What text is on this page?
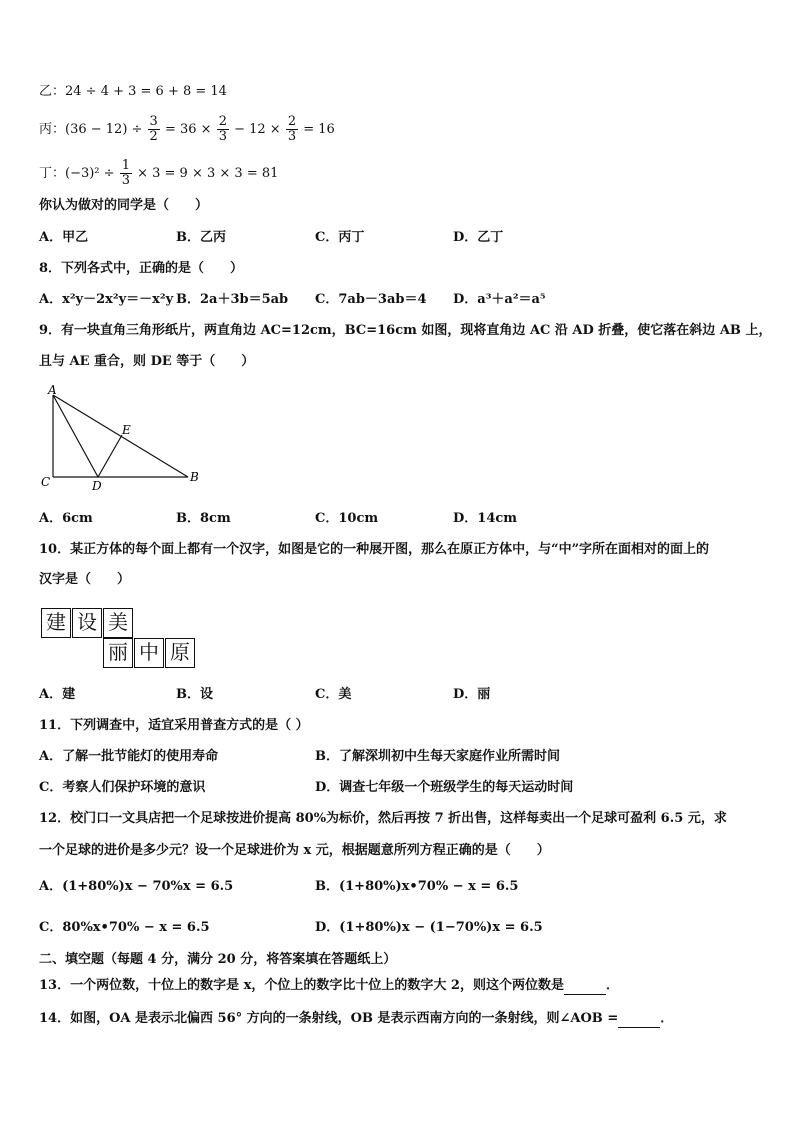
乙：24 ÷ 4 + 3 = 6 + 8 = 14
丙：$(36 - 12) \div \frac{3}{2} = 36 \times \frac{2}{3} - 12 \times \frac{2}{3} = 16$
丁：$(-3)^2 \div \frac{1}{3} \times 3 = 9 \times 3 \times 3 = 81$
你认为做对的同学是（　　）
A．甲乙	B．乙丙	C．丙丁	D．乙丁
8．下列各式中，正确的是（　　）
A．x²y－2x²y＝－x²y B．2a＋3b＝5ab C．7ab－3ab＝4 D．a³＋a²＝a⁵
9．有一块直角三角形纸片，两直角边 AC=12cm，BC=16cm 如图，现将直角边 AC 沿 AD 折叠，使它落在斜边 AB 上，
且与 AE 重合，则 DE 等于（　　）
A
C	D
E
B
A．6cm	B．8cm	C．10cm	D．14cm
10．某正方体的每个面上都有一个汉字，如图是它的一种展开图，那么在原正方体中，与“中”字所在面相对的面上的
汉字是（　　）
建 设 美
丽 中 原
A．建	B．设	C．美	D．丽
11．下列调查中，适宜采用普查方式的是（ ）
A．了解一批节能灯的使用寿命	B．了解深圳初中生每天家庭作业所需时间
C．考察人们保护环境的意识	D．调查七年级一个班级学生的每天运动时间
12．校门口一文具店把一个足球按进价提高 80%为标价，然后再按 7 折出售，这样每卖出一个足球可盈利 6.5 元，求
一个足球的进价是多少元？设一个足球进价为 x 元，根据题意所列方程正确的是（　　）
A．(1+80%)x − 70%x = 6.5	B．(1+80%)x•70% − x = 6.5
C．80%x•70% − x = 6.5	D．(1+80%)x − (1−70%)x = 6.5
二、填空题（每题 4 分，满分 20 分，将答案填在答题纸上）
13．一个两位数，十位上的数字是 x，个位上的数字比十位上的数字大 2，则这个两位数是	．
14．如图，OA 是表示北偏西 56° 方向的一条射线，OB 是表示西南方向的一条射线，则∠AOB =	．
